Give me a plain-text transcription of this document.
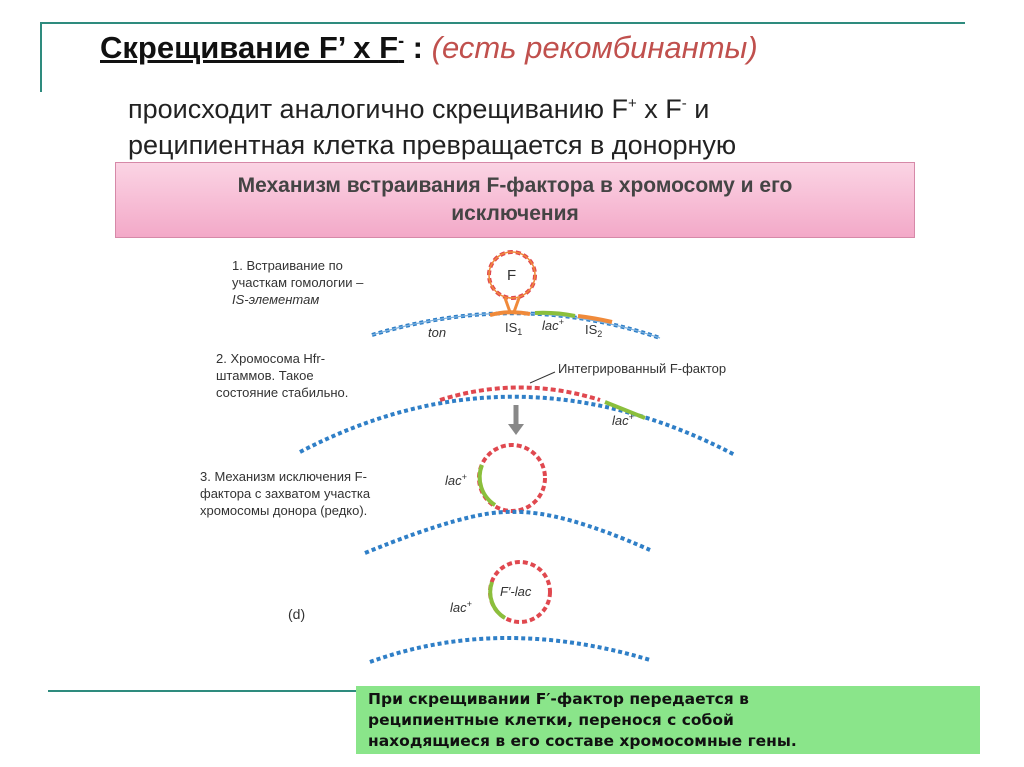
Скрещивание F’ x F- : (есть рекомбинанты)
происходит аналогично скрещиванию F+ x F- и
реципиентная клетка превращается в донорную
Механизм встраивания F-фактора в хромосому и его
исключения
1. Встраивание по
участкам гомологии –
IS-элементам
2. Хромосома Hfr-
штаммов. Такое
состояние стабильно.
3. Механизм исключения F-
фактора с захватом участка
хромосомы донора (редко).
(d)
F
ton	$IS_1$ lac+ $IS_2$
Интегрированный F-фактор
lac+
lac+
F′-lac
lac+
При скрещивании F′-фактор передается в
реципиентные клетки, перенося с собой
находящиеся в его составе хромосомные гены.
